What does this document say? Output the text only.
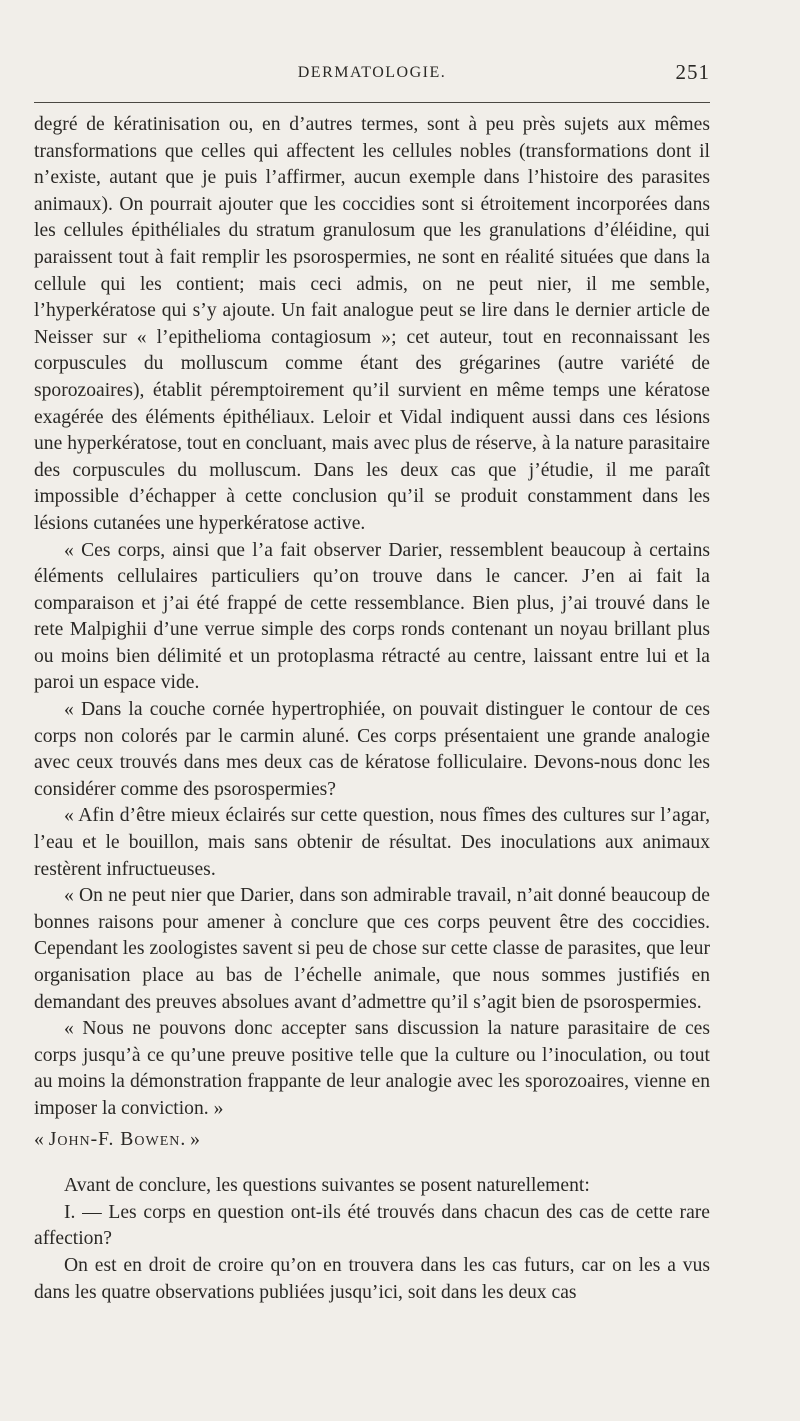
DERMATOLOGIE.	251

degré de kératinisation ou, en d’autres termes, sont à peu près sujets aux mêmes transformations que celles qui affectent les cellules nobles (transformations dont il n’existe, autant que je puis l’affirmer, aucun exemple dans l’histoire des parasites animaux). On pourrait ajouter que les coccidies sont si étroitement incorporées dans les cellules épithéliales du stratum granulosum que les granulations d’éléidine, qui paraissent tout à fait remplir les psorospermies, ne sont en réalité situées que dans la cellule qui les contient; mais ceci admis, on ne peut nier, il me semble, l’hyperkératose qui s’y ajoute. Un fait analogue peut se lire dans le dernier article de Neisser sur « l’epithelioma contagiosum »; cet auteur, tout en reconnaissant les corpuscules du molluscum comme étant des grégarines (autre variété de sporozoaires), établit péremptoirement qu’il survient en même temps une kératose exagérée des éléments épithéliaux. Leloir et Vidal indiquent aussi dans ces lésions une hyperkératose, tout en concluant, mais avec plus de réserve, à la nature parasitaire des corpuscules du molluscum. Dans les deux cas que j’étudie, il me paraît impossible d’échapper à cette conclusion qu’il se produit constamment dans les lésions cutanées une hyperkératose active.

« Ces corps, ainsi que l’a fait observer Darier, ressemblent beaucoup à certains éléments cellulaires particuliers qu’on trouve dans le cancer. J’en ai fait la comparaison et j’ai été frappé de cette ressemblance. Bien plus, j’ai trouvé dans le rete Malpighii d’une verrue simple des corps ronds contenant un noyau brillant plus ou moins bien délimité et un protoplasma rétracté au centre, laissant entre lui et la paroi un espace vide.

« Dans la couche cornée hypertrophiée, on pouvait distinguer le contour de ces corps non colorés par le carmin aluné. Ces corps présentaient une grande analogie avec ceux trouvés dans mes deux cas de kératose folliculaire. Devons-nous donc les considérer comme des psorospermies?

« Afin d’être mieux éclairés sur cette question, nous fîmes des cultures sur l’agar, l’eau et le bouillon, mais sans obtenir de résultat. Des inoculations aux animaux restèrent infructueuses.

« On ne peut nier que Darier, dans son admirable travail, n’ait donné beaucoup de bonnes raisons pour amener à conclure que ces corps peuvent être des coccidies. Cependant les zoologistes savent si peu de chose sur cette classe de parasites, que leur organisation place au bas de l’échelle animale, que nous sommes justifiés en demandant des preuves absolues avant d’admettre qu’il s’agit bien de psorospermies.

« Nous ne pouvons donc accepter sans discussion la nature parasitaire de ces corps jusqu’à ce qu’une preuve positive telle que la culture ou l’inoculation, ou tout au moins la démonstration frappante de leur analogie avec les sporozoaires, vienne en imposer la conviction. »

« John-F. Bowen. »

Avant de conclure, les questions suivantes se posent naturellement:

I. — Les corps en question ont-ils été trouvés dans chacun des cas de cette rare affection?

On est en droit de croire qu’on en trouvera dans les cas futurs, car on les a vus dans les quatre observations publiées jusqu’ici, soit dans les deux cas
